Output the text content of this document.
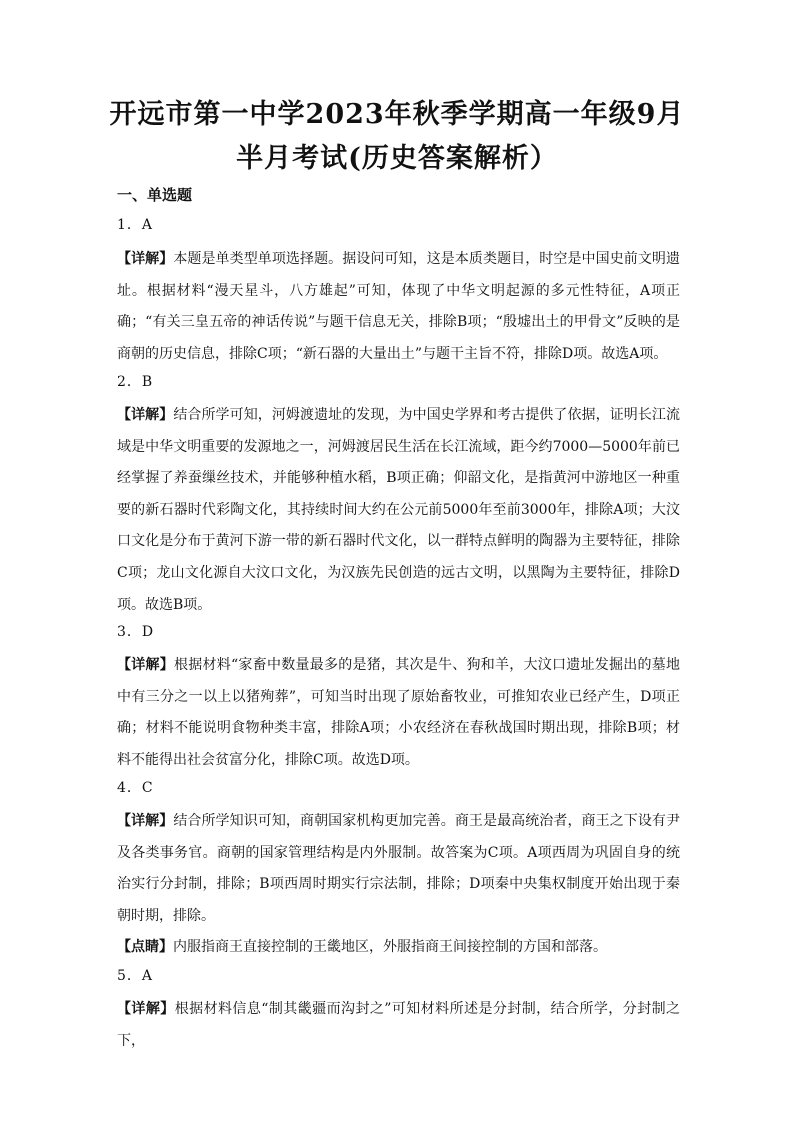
开远市第一中学2023年秋季学期高一年级9月
半月考试(历史答案解析）
一、单选题

1．A

【详解】本题是单类型单项选择题。据设问可知，这是本质类题目，时空是中国史前文明遗址。根据材料“漫天星斗，八方雄起”可知，体现了中华文明起源的多元性特征，A项正确；“有关三皇五帝的神话传说”与题干信息无关，排除B项；“殷墟出土的甲骨文”反映的是商朝的历史信息，排除C项；“新石器的大量出土”与题干主旨不符，排除D项。故选A项。

2．B

【详解】结合所学可知，河姆渡遗址的发现，为中国史学界和考古提供了依据，证明长江流域是中华文明重要的发源地之一，河姆渡居民生活在长江流域，距今约7000—5000年前已经掌握了养蚕缫丝技术，并能够种植水稻，B项正确；仰韶文化，是指黄河中游地区一种重要的新石器时代彩陶文化，其持续时间大约在公元前5000年至前3000年，排除A项；大汶口文化是分布于黄河下游一带的新石器时代文化，以一群特点鲜明的陶器为主要特征，排除C项；龙山文化源自大汶口文化，为汉族先民创造的远古文明，以黑陶为主要特征，排除D项。故选B项。

3．D

【详解】根据材料“家畜中数量最多的是猪，其次是牛、狗和羊，大汶口遗址发掘出的墓地中有三分之一以上以猪殉葬”，可知当时出现了原始畜牧业，可推知农业已经产生，D项正确；材料不能说明食物种类丰富，排除A项；小农经济在春秋战国时期出现，排除B项；材料不能得出社会贫富分化，排除C项。故选D项。

4．C

【详解】结合所学知识可知，商朝国家机构更加完善。商王是最高统治者，商王之下设有尹及各类事务官。商朝的国家管理结构是内外服制。故答案为C项。A项西周为巩固自身的统治实行分封制，排除；B项西周时期实行宗法制，排除；D项秦中央集权制度开始出现于秦朝时期，排除。

【点睛】内服指商王直接控制的王畿地区，外服指商王间接控制的方国和部落。

5．A

【详解】根据材料信息“制其畿疆而沟封之”可知材料所述是分封制，结合所学，分封制之下，
